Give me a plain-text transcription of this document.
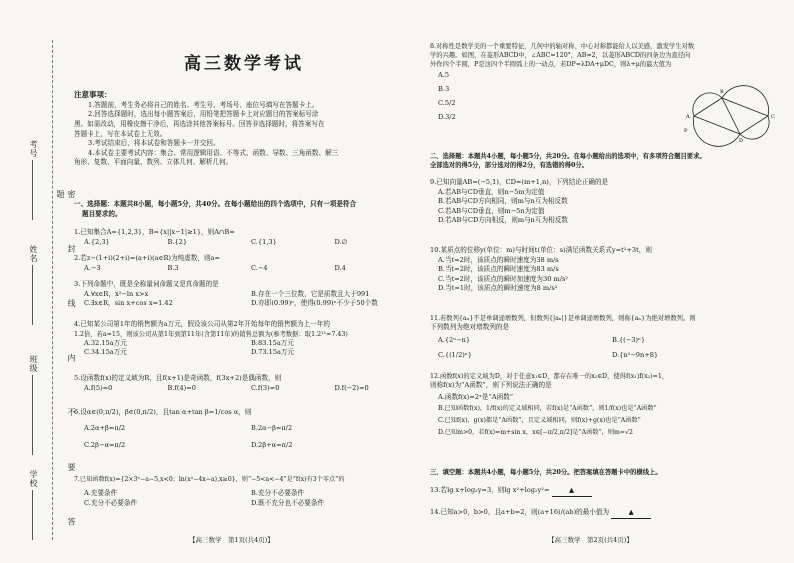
考号
姓名
班级
学校	密 封 线 内 不 要 答 题
高三数学考试
注意事项：
1.答题前，考生务必将自己的姓名、考生号、考场号、座位号填写在答题卡上。
2.回答选择题时，选出每小题答案后，用铅笔把答题卡上对应题目的答案标号涂
黑。如需改动，用橡皮擦干净后，再选涂其他答案标号。回答非选择题时，将答案写在
答题卡上，写在本试卷上无效。
3.考试结束后，将本试卷和答题卡一并交回。
4.本试卷主要考试内容：集合、常用逻辑用语、不等式、函数、导数、三角函数、解三
角形、复数、平面向量、数列、立体几何、解析几何。
一、选择题：本题共8小题，每小题5分，共40分。在每小题给出的四个选项中，只有一项是符合
题目要求的。
1.已知集合A={1,2,3}，B={x||x−1|≥1}，则A∩B=
A.{2,3}	B.{2}	C.{1,3}	D.∅
2.若z−(1+i)(2+i)=(a+i)(a∈R)为纯虚数，则a=
A.−3	B.3	C.−4	D.4
3.下列命题中，既是全称量词命题又是真命题的是
A.∀x∈R，x²−ln x>x	B.存在一个三位数，它是质数且大于991
C.∃x∈R，sin x+cos x=1.42	D.亦即(0.99)ⁿ，使得(0.99)ⁿ不少于50个数
4.已知某公司第1年的销售额为a万元，假设该公司从第2年开始每年的销售额为上一年的
1.2倍，若a=15，则该公司从第1年到第11年(含第11年)的销售总额为(参考数据：取1.2¹¹≈7.43)
A.32.15a万元	B.83.15a万元
C.34.15a万元	D.73.15a万元
5.设函数f(x)的定义域为R，且f(x+1)是奇函数，f(3x+2)是偶函数，则
A.f(5)=0	B.f(4)=0	C.f(3)=0	D.f(−2)=0
6.设α∈(0,π/2)，β∈(0,π/2)，且tan α+tan β=1/cos α，则
A.2α+β=π/2	B.2α−β=π/2
C.2β−α=π/2	D.2β+α=π/2
7.已知函数f(x)={2×3ˣ−a−5,x<0；ln(x²−4x−a),x≥0}，则“−5<a<−4”是“f(x)有3个零点”的
A.充要条件	B.充分不必要条件
C.充分不必要条件	D.既不充分也不必要条件
【高三数学　第1页(共4页)】
8.对称性是数学美的一个重要特征，几何中的轴对称、中心对称都能给人以美感，激发学生对数
学的兴趣。如图，在菱形ABCD中，∠ABC=120°，AB=2，以菱形ABCD的四条边为直径向
外作四个半圆，P是这四个半圆弧上的一动点，若DP=λDA+μDC，则λ+μ的最大值为
A.5
B.3
C.5/2
D.3/2	A
B
C
D
P
二、选择题：本题共4小题，每小题5分，共20分。在每小题给出的选项中，有多项符合题目要求。
全部选对的得5分，部分选对的得2分，有选错的得0分。
9.已知向量AB=(−5,1)，CD=(m+1,n)，下列结论正确的是
A.若AB与CD垂直，则n−5m为定值
B.若AB与CD方向相同，则m与n互为相反数
C.若AB与CD垂直，则m−5n为定值
D.若AB与CD方向相反，则m与n互为相反数
10.某质点的位移y(单位：m)与时间t(单位：s)满足函数关系式y=t²+3t，则
A.当t=2时，该质点的瞬时速度为38 m/s
B.当t=2时，该质点的瞬时速度为83 m/s
C.当t=2时，该质点的瞬时加速度为30 m/s²
D.当t=1时，该质点的瞬时速度为8 m/s²
11.若数列{aₙ}不是单调递增数列，但数列{|aₙ|}是单调递增数列，则称{aₙ}为绝对增数列。则
下列数列为绝对增数列的是
A.{2ⁿ−n}	B.{(−3)ⁿ}
C.{(1/2)ⁿ}	D.{n²−9n+8}
12.函数f(x)的定义域为D，对于任意x₁∈D，都存在唯一的x₂∈D，使得f(x₁)f(x₂)=1，
则称f(x)为“A函数”，则下列说法正确的是
A.函数f(x)=2ˣ是“A函数”
B.已知函数f(x)，1/f(x)的定义域相同，若f(x)是“A函数”，则1/f(x)也是“A函数”
C.已知f(x)，g(x)都是“A函数”，且定义域相同，则f(x)+g(x)也是“A函数”
D.已知m>0，若f(x)=m+sin x，x∈[−π/2,π/2]是“A函数”，则m=√2
三、填空题：本题共4小题，每小题5分，共20分。把答案填在答题卡中的横线上。
13.若lg x+log₂y=3，则lg x²+log₂y²=	▲
14.已知a>0，b>0，且a+b=2，则(a+16)/(ab)的最小值为	▲
【高三数学　第2页(共4页)】
